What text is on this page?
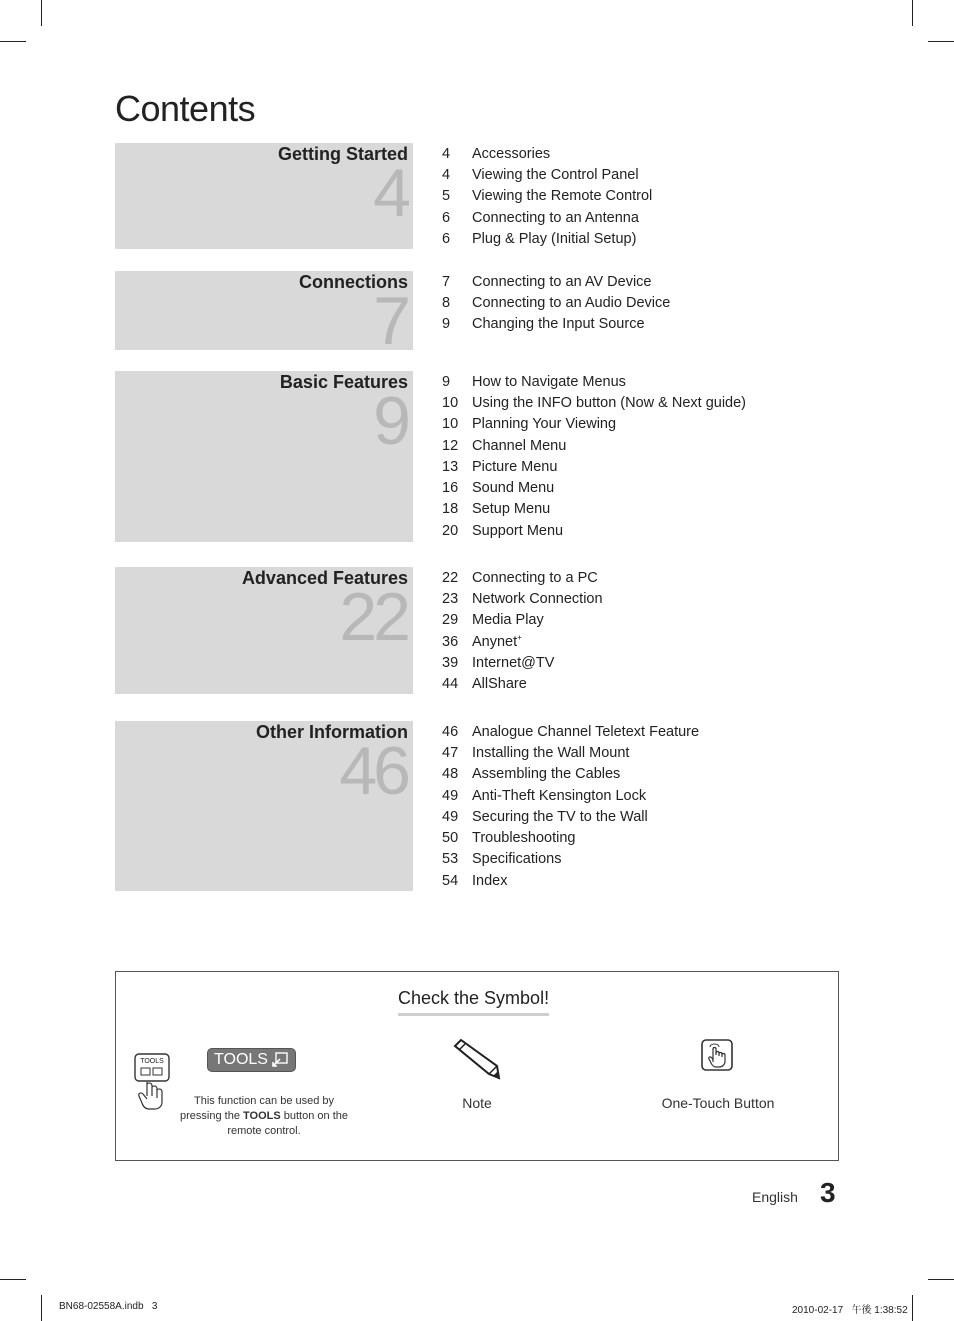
Contents
Getting Started
4
4	Accessories
4	Viewing the Control Panel
5	Viewing the Remote Control
6	Connecting to an Antenna
6	Plug & Play (Initial Setup)
Connections
7
7	Connecting to an AV Device
8	Connecting to an Audio Device
9	Changing the Input Source
Basic Features
9
9	How to Navigate Menus
10 Using the INFO button (Now & Next guide)
10 Planning Your Viewing
12 Channel Menu
13 Picture Menu
16 Sound Menu
18 Setup Menu
20 Support Menu
Advanced Features
22
22 Connecting to a PC
23 Network Connection
29 Media Play
36 Anynet+
39 Internet@TV
44 AllShare
Other Information
46
46 Analogue Channel Teletext Feature
47 Installing the Wall Mount
48 Assembling the Cables
49 Anti-Theft Kensington Lock
49 Securing the TV to the Wall
50 Troubleshooting
53 Specifications
54 Index
Check the Symbol!
TOOLS	TOOLS
This function can be used by pressing the TOOLS button on the remote control.
Note	One-Touch Button
English 3
BN68-02558A.indb   3	2010-02-17   午後 1:38:52
